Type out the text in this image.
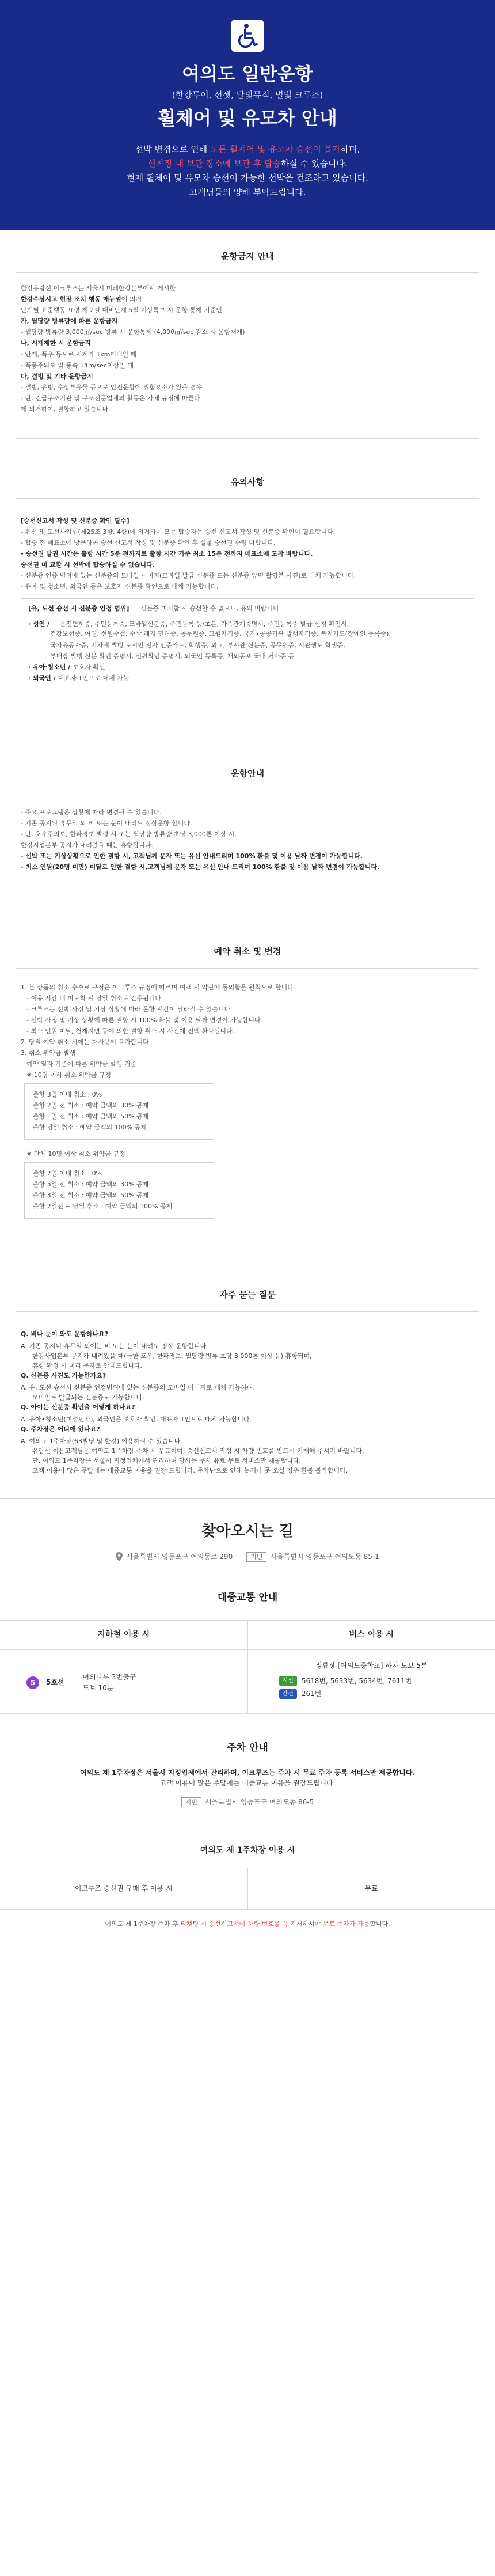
여의도 일반운항
(한강투어, 선셋, 달빛뮤직, 별빛 크루즈)
휠체어 및 유모차 안내
선박 변경으로 인해 모든 휠체어 및 유모차 승선이 불가하며,
선착장 내 보관 장소에 보관 후 탑승하실 수 있습니다.
현재 휠체어 및 유모차 승선이 가능한 선박을 건조하고 있습니다.
고객님들의 양해 부탁드립니다.
운항금지 안내

한강유람선 이크루즈는 서울시 미래한강본부에서 게시한

한강수상시고 현장 조치 행동 매뉴얼에 의거

단계별 표준행동 요령 제 2절 대비단계 5월 기상특보 시 운항 통제 기준인

가, 월당량 방류량에 따른 운항금지

- 월당량 방류량 3,000㎥/sec 방류 시 운항통제 (4,000㎥/sec 감소 시 운항재개)

나, 시계제한 시 운항금지

- 안개, 폭우 등으로 시계가 1km이내일 때

- 폭풍주의보 및 풍속 14m/sec이상일 때

다, 결빙 및 기타 운항금지

- 결빙, 유빙, 수상부유물 등으로 안전운항에 위험요소가 있을 경우

- 단, 긴급구조기관 및 구조전문업체의 활동은 자체 규정에 따른다.

에 의거하여, 결항하고 있습니다.

유의사항

[승선신고서 작성 및 신분증 확인 필수]

- 유선 및 도선사업법(제25조 3항, 4항)에 의거하여 모든 탑승자는 승선 신고서 작성 및 신분증 확인이 필요합니다.

- 탑승 전 매표소에 방문하여 승선 신고서 작성 및 신분증 확인 후 실물 승선권 수령 바랍니다.

- 승선권 발권 시간은 출항 시간 5분 전까지로 출항 시간 기준 최소 15분 전까지 매표소에 도착 바랍니다.

승선권 미 교환 시 선박에 탑승하실 수 없습니다.

- 신분증 인증 범위에 있는 신분증의 모바일 이미지(모바일 발급 신분증 또는 신분증 앞면 촬영본 사진)로 대체 가능합니다.

- 유아 및 청소년, 외국인 등은 보호자 신분증 확인으로 대체 가능합니다.

[유, 도선 승선 시 신분증 인정 범위] 신분증 미지참 시 승선할 수 없으니, 유의 바랍니다.

· 성인 / 운전면허증, 주민등록증, 모바일신분증, 주민등록 등/초본, 가족관계증명서, 주민등록증 발급 신청 확인서,

건강보험증, 여권, 선원수첩, 수상 레저 면허증, 공무원증, 교원자격증, 국가∙공공기관 발행자격증, 복지카드(장애인 등록증),

국가유공자증, 지자체 발행 도시민 전자 인증카드, 학생증, 외교, 부서관 신분증, 공무원증, 시관생도 학생증,

부대장 발행 신분 확인 증명서, 선원확인 증명서, 외국인 등록증, 재외동포 국내 거소증 등

· 유아∙청소년 / 보호자 확인

· 외국인 / 대표자 1인으로 대체 가능

운항안내

- 주요 프로그램은 상황에 따라 변경될 수 있습니다.

- 기존 공지된 휴무일 외 비 또는 눈이 내리도 정상운항 합니다.

- 단, 호우주의보, 한파경보 발령 시 또는 월당량 방류량 초당 3,000톤 이상 시,

한강시업본부 공지가 내려왔을 때는 휴항합니다.

- 선박 또는 기상상황으로 인한 결항 시, 고객님께 문자 또는 유선 안내드리며 100% 환불 및 이용 날짜 변경이 가능합니다.

- 최소 인원(20명 미만) 미달로 인한 결항 시,고객님께 문자 또는 유선 안내 드리며 100% 환불 및 이용 날짜 변경이 가능합니다.

예약 취소 및 변경

1. 본 상품의 취소 수수료 규정은 이크루즈 규정에 따르며 여객 시 약관에 동의함을 원칙으로 합니다.

- 이용 시간 내 미도착 시 당일 취소로 간주됩니다.

- 크루즈는 선박 사정 및 기상 상황에 따라 운항 시간이 달라질 수 있습니다.

- 선박 사정 및 기상 상황에 따른 결항 시 100% 환불 및 이용 날짜 변경이 가능합니다.

- 최소 인원 미달, 천재지변 등에 의한 결항 취소 시 사전에 전액 환불됩니다.

2. 당일 예약 취소 시에는 재사용이 불가합니다.

3. 취소 위약금 발생

예약 일자 기준에 따른 위약금 발생 기준

※ 10명 이하 취소 위약금 규정

출항 3일 이내 취소 : 0%

출항 2일 전 취소 : 예약 금액의 30% 공제

출항 1일 전 취소 : 예약 금액의 50% 공제

출항 당일 취소 : 예약 금액의 100% 공제

※ 단체 10명 이상 취소 위약금 규정

출항 7일 이내 취소 : 0%

출항 5일 전 취소 : 예약 금액의 30% 공제

출항 3일 전 취소 : 예약 금액의 50% 공제

출항 2일전 ~ 당일 취소 : 예약 금액의 100% 공제

자주 묻는 질문

Q. 비나 눈이 와도 운항하나요?

A. 기존 공지된 휴무일 외에는 비 또는 눈이 내려도 정상 운항합니다.

한강사업본부 공지가 내려왔을 때(극한 호우, 한파경보, 월당량 방류 초당 3,000톤 이상 등) 휴항되며,

휴항 확정 시 미리 문자로 안내드립니다.

Q. 신분증 사진도 가능한가요?

A. 유, 도선 승선시 신분증 인정범위에 있는 신분증의 모바일 이미지로 대체 가능하며,

모바일로 발급되는 신분증도 가능합니다.

Q. 아이는 신분증 확인을 어떻게 하나요?

A. 유아∙청소년(미성년자), 외국인은 보호자 확인, 대표자 1인으로 대체 가능합니다.

Q. 주차장은 어디에 있나요?

A. 여의도 1주차장(63빌딩 및 한강) 이용하실 수 있습니다.

유람선 이용고객님은 여의도 1주차장 주차 시 무료이며, 승선신고서 작성 시 차량 번호를 반드시 기재해 주시기 바랍니다.

단, 여의도 1주차장은 서울시 지정업체에서 관리하며 당사는 주차 유료 무료 서비스만 제공합니다.

고객 이용이 많은 주말에는 대중교통 이용을 권장 드립니다. 주차난으로 인해 늦거나 못 오실 경우 환불 불가합니다.

찾아오시는 길
서울특별시 영등포구 여의동로 290	지번 서울특별시 영등포구 여의도동 85-1
대중교통 안내
지하철 이용 시
5	5호선
여의나루 3번출구
도보 10분
버스 이용 시
정류장 [여의도중학교] 하차 도보 5분
지선	5618번, 5633번, 5634번, 7611번
간선	261번
주차 안내

여의도 제 1주차장은 서울시 지정업체에서 관리하며, 이크루즈는 주차 시 무료 주차 등록 서비스만 제공합니다.

고객 이용이 많은 주말에는 대중교통 이용을 권장드립니다.

지번 서울특별시 영등포구 여의도동 86-5

여의도 제 1주차장 이용 시
이크루즈 승선권 구매 후 이용 시	무료

여의도 제 1주차장 주차 후 티켓팅 시 승선신고서에 차량 번호를 꼭 기재하셔야 무료 주차가 가능합니다.
